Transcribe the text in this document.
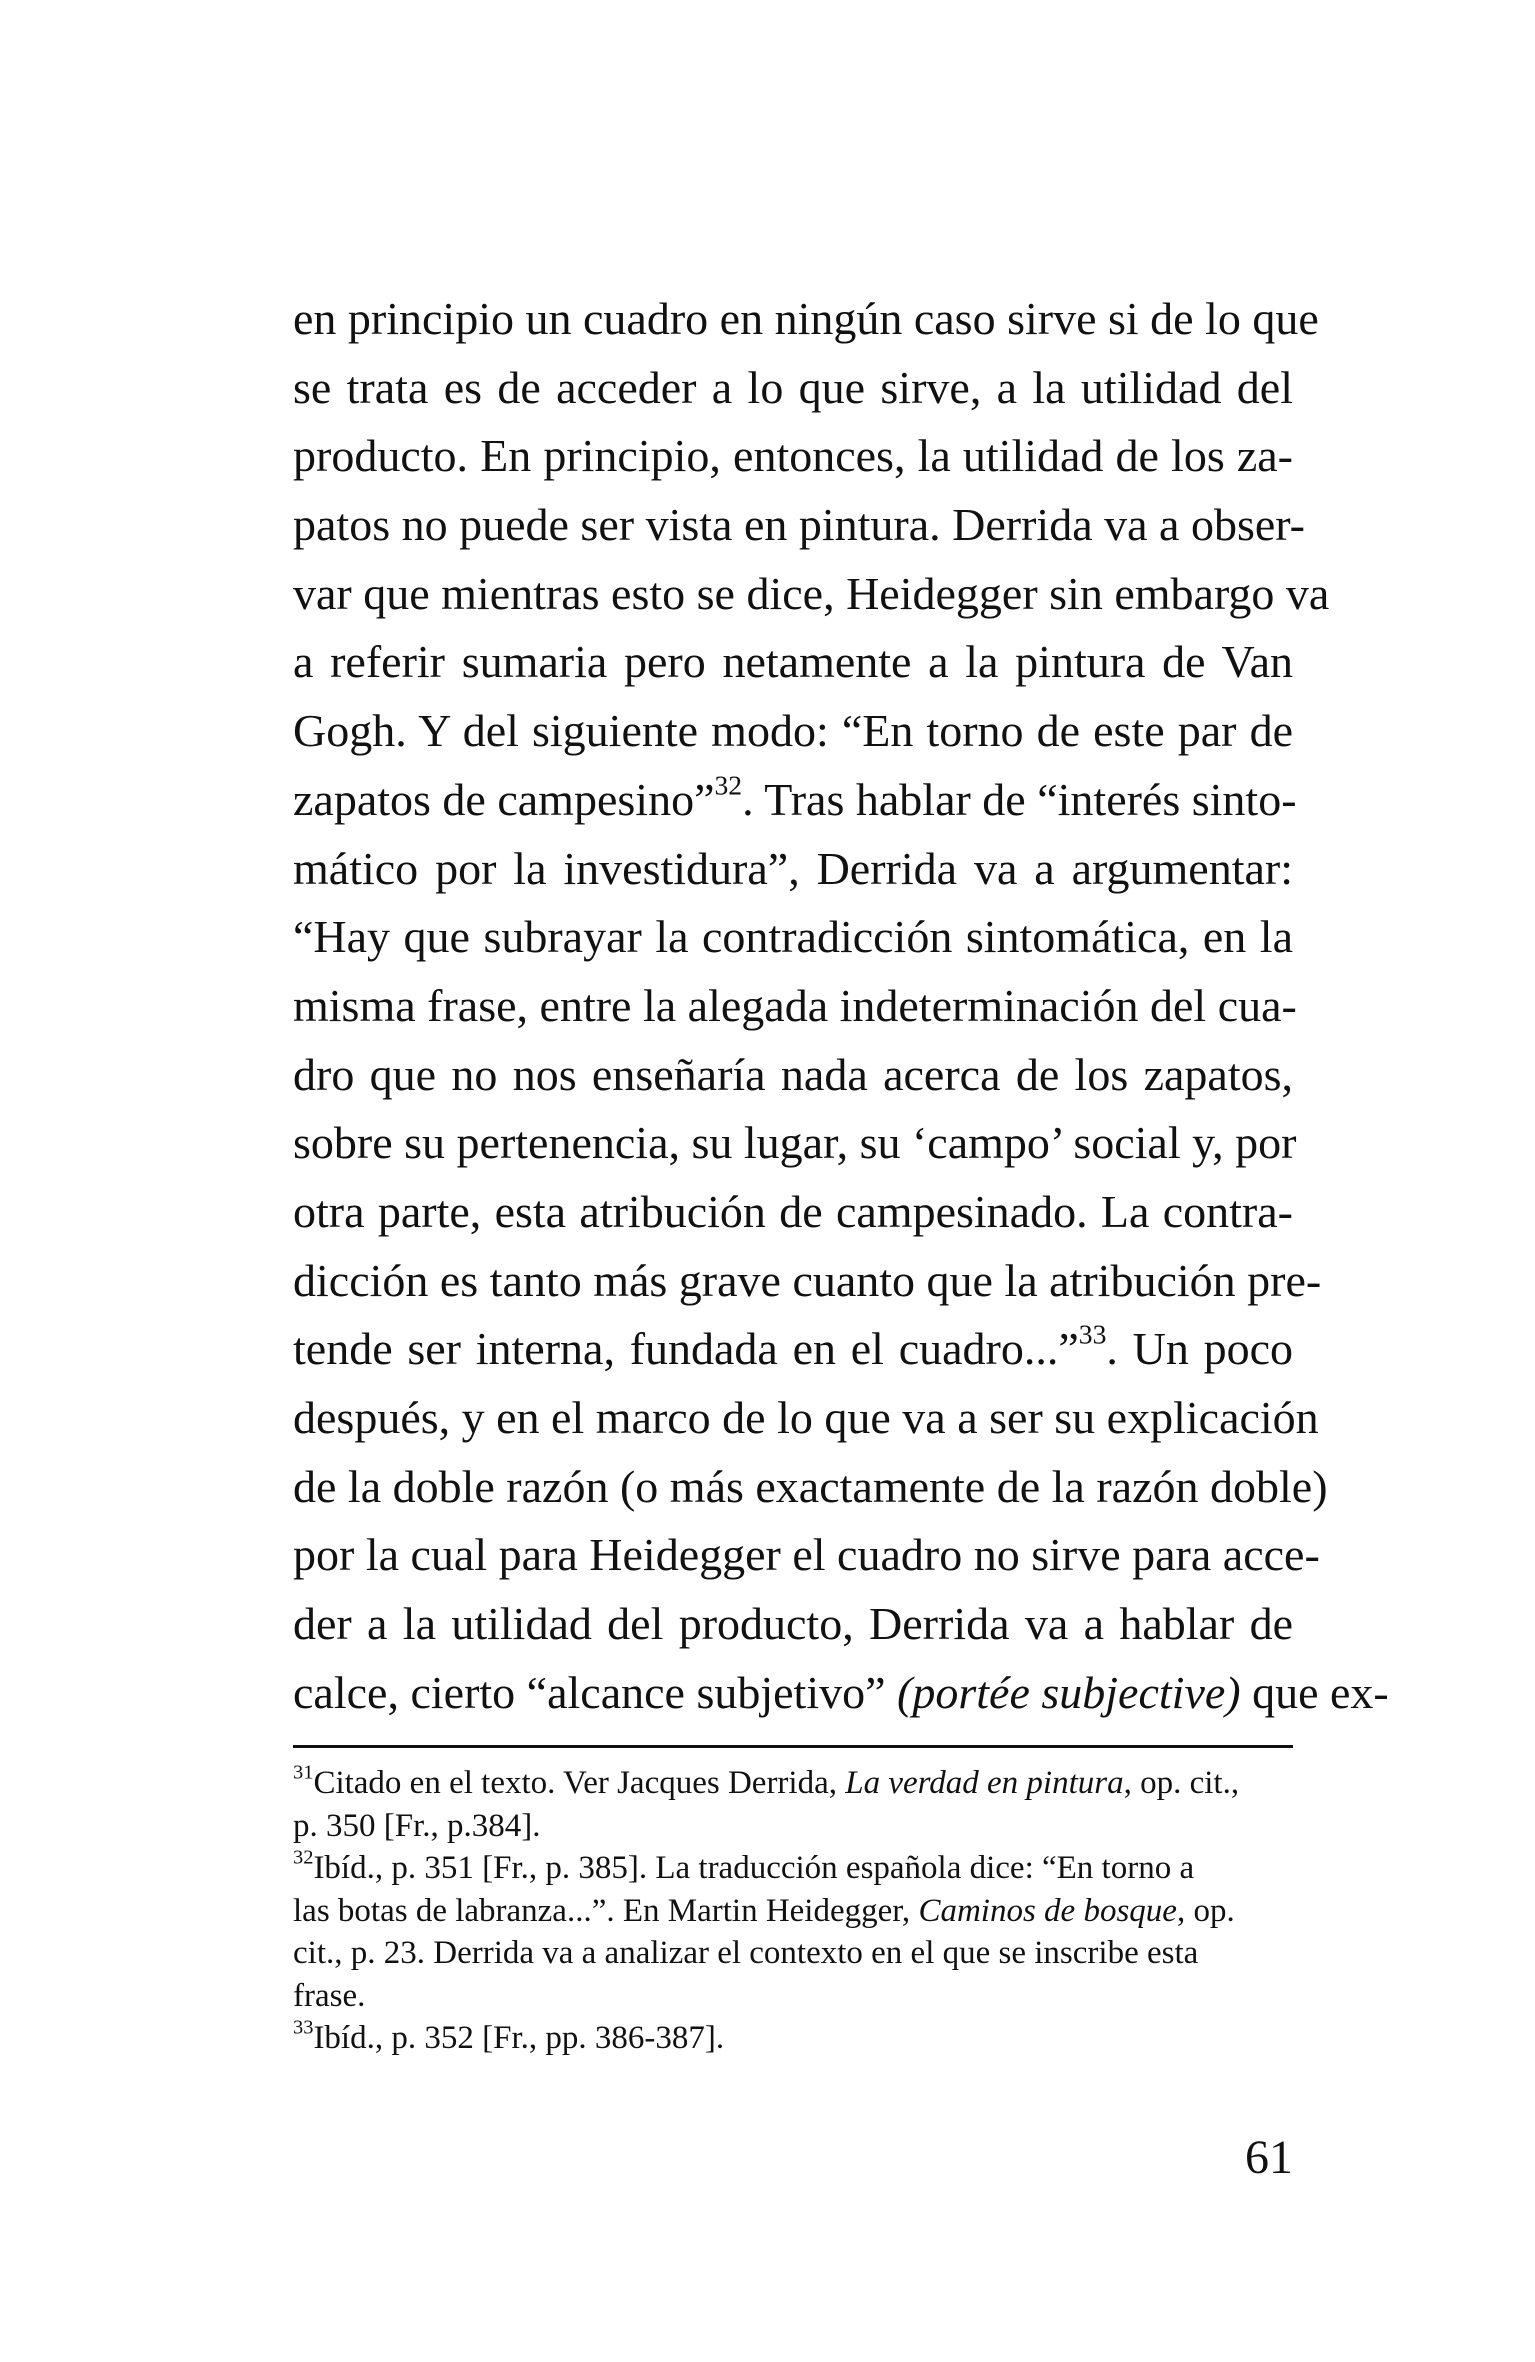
en principio un cuadro en ningún caso sirve si de lo que
se trata es de acceder a lo que sirve, a la utilidad del
producto. En principio, entonces, la utilidad de los za-
patos no puede ser vista en pintura. Derrida va a obser-
var que mientras esto se dice, Heidegger sin embargo va
a referir sumaria pero netamente a la pintura de Van
Gogh. Y del siguiente modo: “En torno de este par de
zapatos de campesino”$^{32}$. Tras hablar de “interés sinto-
mático por la investidura”, Derrida va a argumentar:
“Hay que subrayar la contradicción sintomática, en la
misma frase, entre la alegada indeterminación del cua-
dro que no nos enseñaría nada acerca de los zapatos,
sobre su pertenencia, su lugar, su ‘campo’ social y, por
otra parte, esta atribución de campesinado. La contra-
dicción es tanto más grave cuanto que la atribución pre-
tende ser interna, fundada en el cuadro...”$^{33}$. Un poco
después, y en el marco de lo que va a ser su explicación
de la doble razón (o más exactamente de la razón doble)
por la cual para Heidegger el cuadro no sirve para acce-
der a la utilidad del producto, Derrida va a hablar de
calce, cierto “alcance subjetivo” (portée subjective) que ex-
$^{31}$Citado en el texto. Ver Jacques Derrida, La verdad en pintura, op. cit.,
p. 350 [Fr., p.384].
$^{32}$Ibíd., p. 351 [Fr., p. 385]. La traducción española dice: “En torno a
las botas de labranza...”. En Martin Heidegger, Caminos de bosque, op.
cit., p. 23. Derrida va a analizar el contexto en el que se inscribe esta
frase.
$^{33}$Ibíd., p. 352 [Fr., pp. 386-387].
61
